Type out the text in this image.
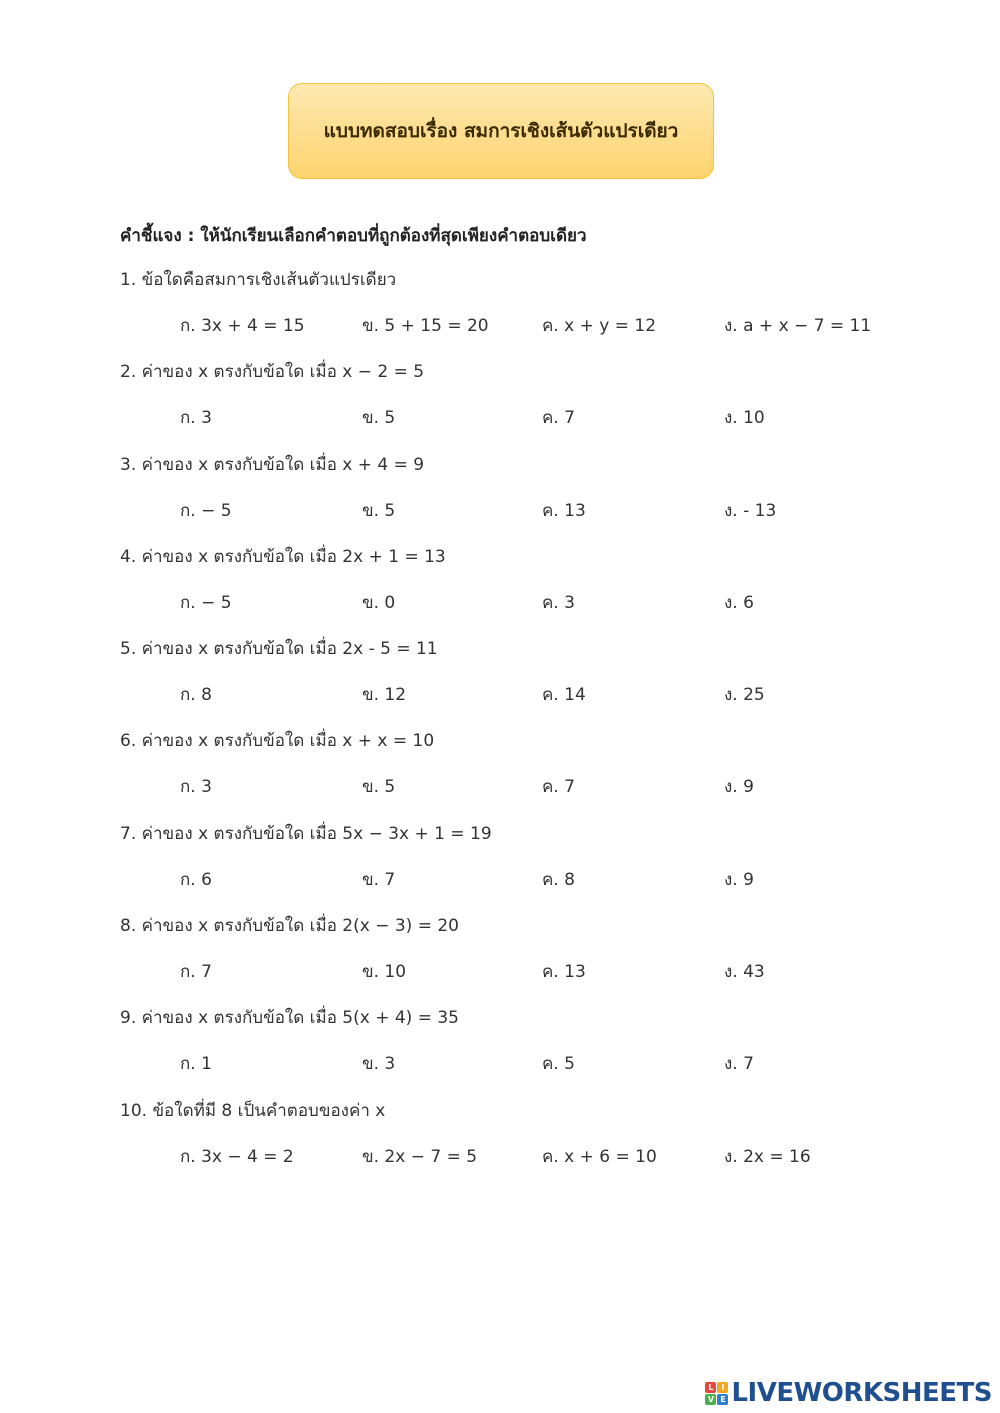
แบบทดสอบเรื่อง สมการเชิงเส้นตัวแปรเดียว
คำชี้แจง : ให้นักเรียนเลือกคำตอบที่ถูกต้องที่สุดเพียงคำตอบเดียว
1. ข้อใดคือสมการเชิงเส้นตัวแปรเดียว
ก. 3x + 4 = 15	ข. 5 + 15 = 20	ค. x + y = 12	ง. a + x − 7 = 11
2. ค่าของ x ตรงกับข้อใด เมื่อ x − 2 = 5
ก. 3	ข. 5	ค. 7	ง. 10
3. ค่าของ x ตรงกับข้อใด เมื่อ x + 4 = 9
ก. − 5	ข. 5	ค. 13	ง. - 13
4. ค่าของ x ตรงกับข้อใด เมื่อ 2x + 1 = 13
ก. − 5	ข. 0	ค. 3	ง. 6
5. ค่าของ x ตรงกับข้อใด เมื่อ 2x - 5 = 11
ก. 8	ข. 12	ค. 14	ง. 25
6. ค่าของ x ตรงกับข้อใด เมื่อ x + x = 10
ก. 3	ข. 5	ค. 7	ง. 9
7. ค่าของ x ตรงกับข้อใด เมื่อ 5x − 3x + 1 = 19
ก. 6	ข. 7	ค. 8	ง. 9
8. ค่าของ x ตรงกับข้อใด เมื่อ 2(x − 3) = 20
ก. 7	ข. 10	ค. 13	ง. 43
9. ค่าของ x ตรงกับข้อใด เมื่อ 5(x + 4) = 35
ก. 1	ข. 3	ค. 5	ง. 7
10. ข้อใดที่มี 8 เป็นคำตอบของค่า x
ก. 3x − 4 = 2	ข. 2x − 7 = 5	ค. x + 6 = 10	ง. 2x = 16
L I
V E LIVEWORKSHEETS
